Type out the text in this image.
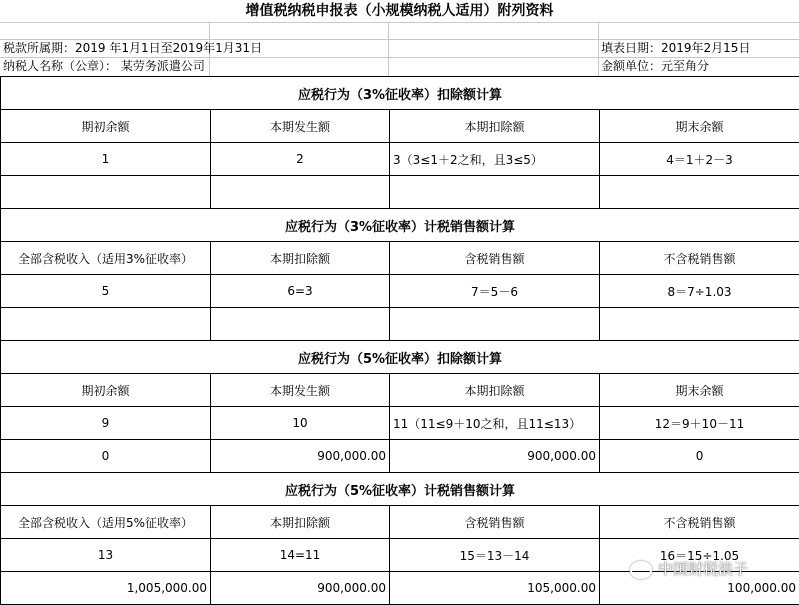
增值税纳税申报表（小规模纳税人适用）附列资料
税款所属期：2019 年1月1日至2019年1月31日	填表日期：2019年2月15日
纳税人名称（公章）： 某劳务派遣公司	金额单位：元至角分
应税行为（3%征收率）扣除额计算			
期初余额	本期发生额	本期扣除额	期末余额
1	2	3（3≤1＋2之和，且3≤5）	4＝1＋2－3

应税行为（3%征收率）计税销售额计算			
全部含税收入（适用3%征收率）	本期扣除额	含税销售额	不含税销售额
5	6=3	7＝5－6	8＝7÷1.03

应税行为（5%征收率）扣除额计算			
期初余额	本期发生额	本期扣除额	期末余额
9	10	11（11≤9＋10之和，且11≤13）	12＝9＋10－11
0	900,000.00	900,000.00	0
应税行为（5%征收率）计税销售额计算			
全部含税收入（适用5%征收率）	本期扣除额	含税销售额	不含税销售额
13	14=11	15＝13－14	16＝15÷1.05
1,005,000.00	900,000.00	105,000.00	100,000.00
中国财税浪子
